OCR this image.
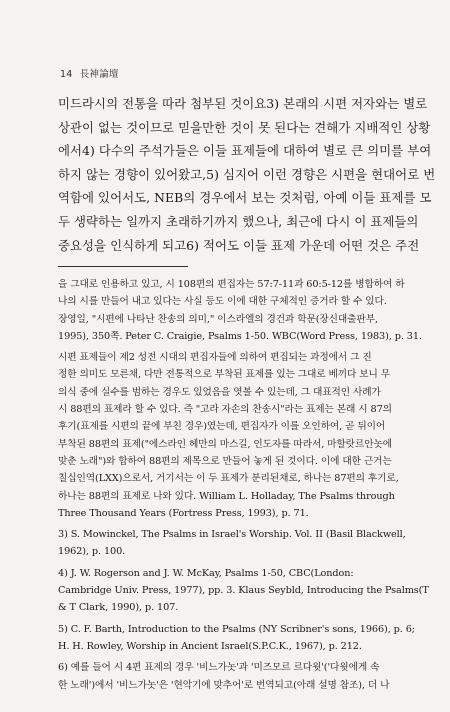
14 長神論壇
미드라시의 전통을 따라 첨부된 것이요3) 본래의 시편 저자와는 별로
상관이 없는 것이므로 믿을만한 것이 못 된다는 견해가 지배적인 상황
에서4) 다수의 주석가들은 이들 표제들에 대하여 별로 큰 의미를 부여
하지 않는 경향이 있어왔고,5) 심지어 이런 경향은 시편을 현대어로 번
역함에 있어서도, NEB의 경우에서 보는 것처럼, 아예 이들 표제를 모
두 생략하는 일까지 초래하기까지 했으나, 최근에 다시 이 표제들의
중요성을 인식하게 되고6) 적어도 이들 표제 가운데 어떤 것은 주전
을 그대로 인용하고 있고, 시 108편의 편집자는 57:7-11과 60:5-12를 병합하여 하
나의 시를 만들어 내고 있다는 사실 등도 이에 대한 구체적인 증거라 할 수 있다.
장영일, "시편에 나타난 찬송의 의미," 이스라엘의 경건과 학문(장신대출판부,
1995), 350쪽. Peter C. Craigie, Psalms 1-50. WBC(Word Press, 1983), p. 31.
시편 표제들이 제2 성전 시대의 편집자들에 의하여 편집되는 과정에서 그 진
정한 의미도 모른채, 다만 전통적으로 부착된 표제를 있는 그대로 베끼다 보니 무
의식 중에 실수를 범하는 경우도 있었음을 엿볼 수 있는데, 그 대표적인 사례가
시 88편의 표제라 할 수 있다. 즉 "고라 자손의 찬송시"라는 표제는 본래 시 87의
후기(표제를 시편의 끝에 부친 경우)였는데, 편집자가 이를 오인하여, 곧 뒤이어
부착된 88편의 표제("에스라인 헤만의 마스길, 인도자를 따라서, 마할랏르안놋에
맞춘 노래")와 합하여 88편의 제목으로 만들어 놓게 된 것이다. 이에 대한 근거는
칠십인역(LXX)으로서, 거기서는 이 두 표제가 분리된채로, 하나는 87편의 후기로,
하나는 88편의 표제로 나와 있다. William L. Holladay, The Psalms through
Three Thousand Years (Fortress Press, 1993), p. 71.
3) S. Mowinckel, The Psalms in Israel's Worship. Vol. II (Basil Blackwell,
1962), p. 100.
4) J. W. Rogerson and J. W. McKay, Psalms 1-50, CBC(London:
Cambridge Univ. Press, 1977), pp. 3. Klaus Seybld, Introducing the Psalms(T
& T Clark, 1990), p. 107.
5) C. F. Barth, Introduction to the Psalms (NY Scribner's sons, 1966), p. 6;
H. H. Rowley, Worship in Ancient Israel(S.P.C.K., 1967), p. 212.
6) 예를 들어 시 4편 표제의 경우 '비느가놋'과 '미즈모르 르다윗'('다윗에게 속
한 노래')에서 '비느가놋'은 '현악기에 맞추어'로 번역되고(아래 설명 참조), 더 나
